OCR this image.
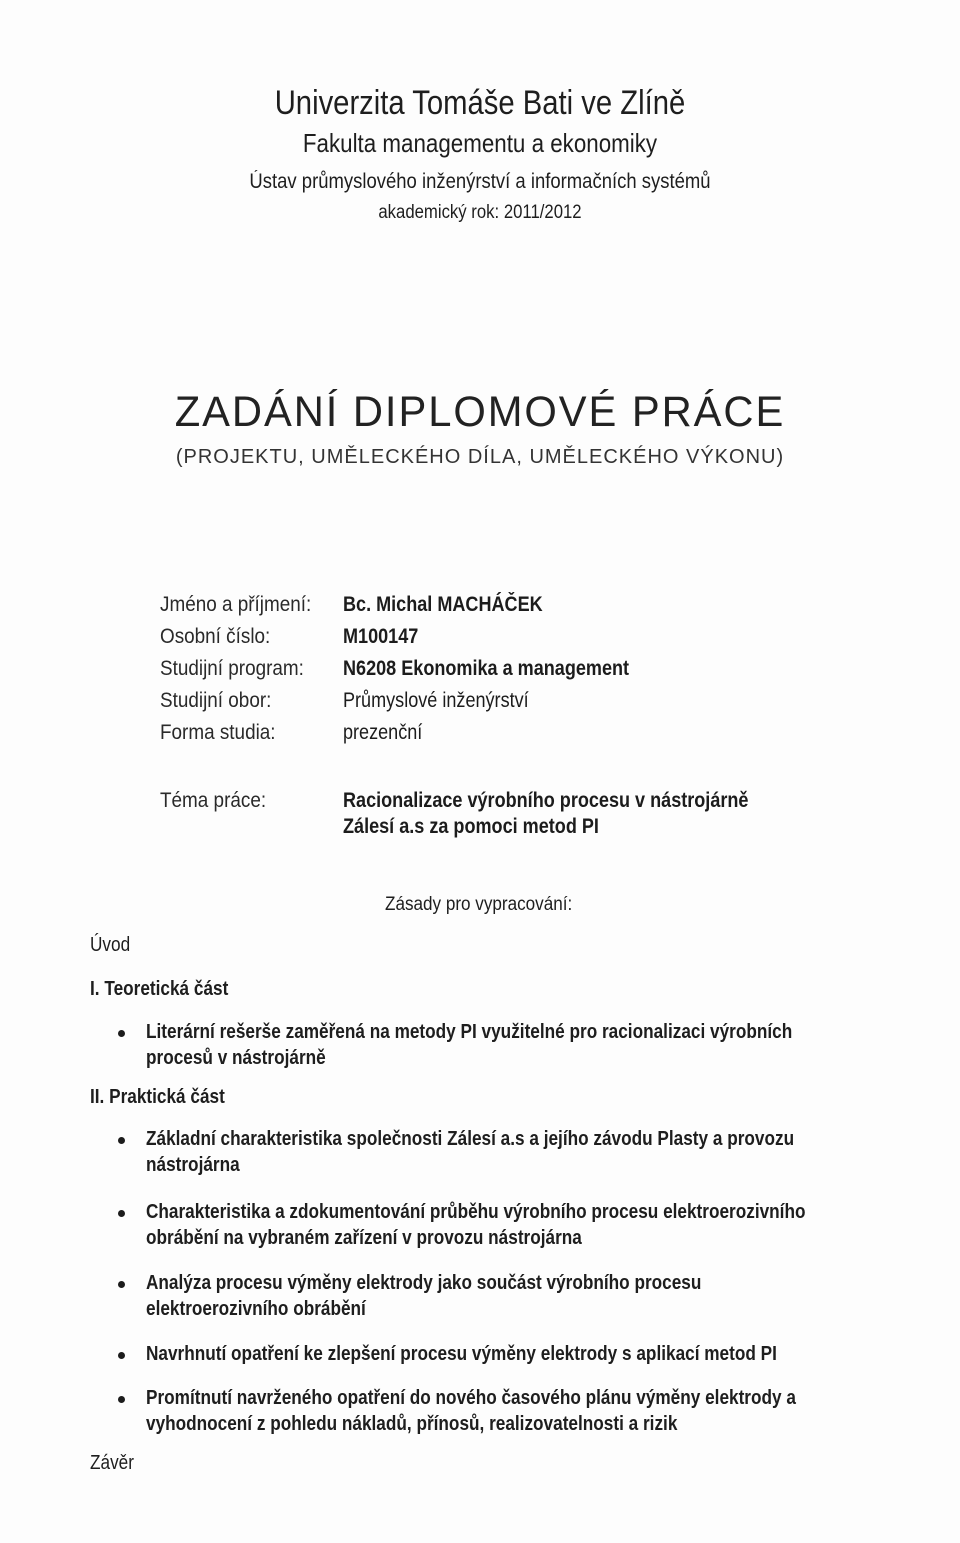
Univerzita Tomáše Bati ve Zlíně
Fakulta managementu a ekonomiky
Ústav průmyslového inženýrství a informačních systémů
akademický rok: 2011/2012
ZADÁNÍ DIPLOMOVÉ PRÁCE
(PROJEKTU, UMĚLECKÉHO DÍLA, UMĚLECKÉHO VÝKONU)
Jméno a příjmení: Bc. Michal MACHÁČEK
Osobní číslo:	M100147
Studijní program: N6208 Ekonomika a management
Studijní obor:	Průmyslové inženýrství
Forma studia:	prezenční
Téma práce:	Racionalizace výrobního procesu v nástrojárně
Zálesí a.s za pomoci metod PI
Zásady pro vypracování:
Úvod
I. Teoretická část
Literární rešerše zaměřená na metody PI využitelné pro racionalizaci výrobních
procesů v nástrojárně
II. Praktická část
Základní charakteristika společnosti Zálesí a.s a jejího závodu Plasty a provozu
nástrojárna
Charakteristika a zdokumentování průběhu výrobního procesu elektroerozivního
obrábění na vybraném zařízení v provozu nástrojárna
Analýza procesu výměny elektrody jako součást výrobního procesu
elektroerozivního obrábění
Navrhnutí opatření ke zlepšení procesu výměny elektrody s aplikací metod PI
Promítnutí navrženého opatření do nového časového plánu výměny elektrody a
vyhodnocení z pohledu nákladů, přínosů, realizovatelnosti a rizik
Závěr
